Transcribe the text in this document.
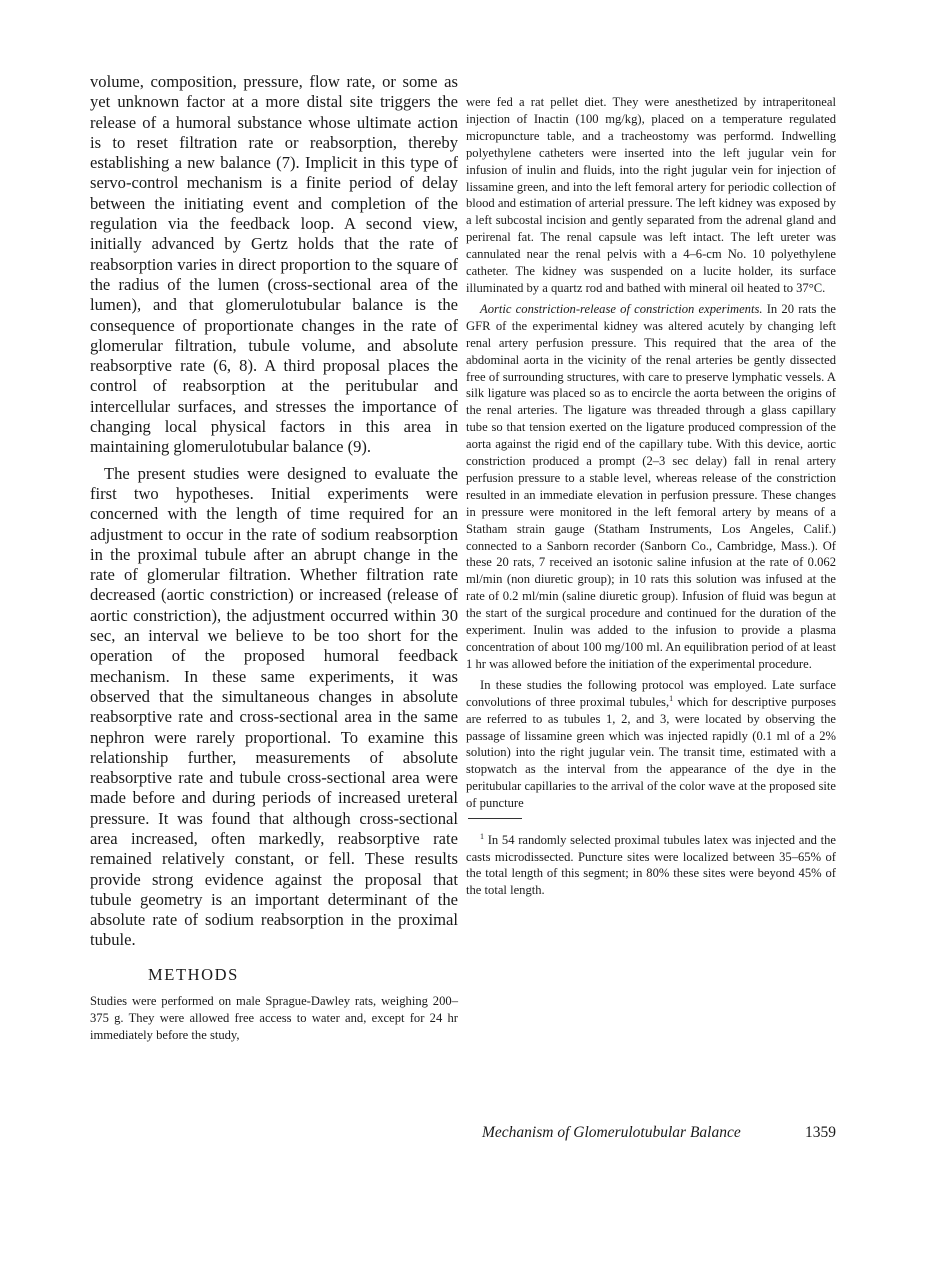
volume, composition, pressure, flow rate, or some as yet unknown factor at a more distal site triggers the release of a humoral substance whose ultimate action is to reset filtration rate or reabsorption, thereby establishing a new balance (7). Implicit in this type of servo-control mechanism is a finite period of delay between the initiating event and completion of the regulation via the feedback loop. A second view, initially advanced by Gertz holds that the rate of reabsorption varies in direct proportion to the square of the radius of the lumen (cross-sectional area of the lumen), and that glomerulotubular balance is the consequence of proportionate changes in the rate of glomerular filtration, tubule volume, and absolute reabsorptive rate (6, 8). A third proposal places the control of reabsorption at the peritubular and intercellular surfaces, and stresses the importance of changing local physical factors in this area in maintaining glomerulotubular balance (9).

The present studies were designed to evaluate the first two hypotheses. Initial experiments were concerned with the length of time required for an adjustment to occur in the rate of sodium reabsorption in the proximal tubule after an abrupt change in the rate of glomerular filtration. Whether filtration rate decreased (aortic constriction) or increased (release of aortic constriction), the adjustment occurred within 30 sec, an interval we believe to be too short for the operation of the proposed humoral feedback mechanism. In these same experiments, it was observed that the simultaneous changes in absolute reabsorptive rate and cross-sectional area in the same nephron were rarely proportional. To examine this relationship further, measurements of absolute reabsorptive rate and tubule cross-sectional area were made before and during periods of increased ureteral pressure. It was found that although cross-sectional area increased, often markedly, reabsorptive rate remained relatively constant, or fell. These results provide strong evidence against the proposal that tubule geometry is an important determinant of the absolute rate of sodium reabsorption in the proximal tubule.

METHODS

Studies were performed on male Sprague-Dawley rats, weighing 200–375 g. They were allowed free access to water and, except for 24 hr immediately before the study,

were fed a rat pellet diet. They were anesthetized by intraperitoneal injection of Inactin (100 mg/kg), placed on a temperature regulated micropuncture table, and a tracheostomy was performd. Indwelling polyethylene catheters were inserted into the left jugular vein for infusion of inulin and fluids, into the right jugular vein for injection of lissamine green, and into the left femoral artery for periodic collection of blood and estimation of arterial pressure. The left kidney was exposed by a left subcostal incision and gently separated from the adrenal gland and perirenal fat. The renal capsule was left intact. The left ureter was cannulated near the renal pelvis with a 4–6-cm No. 10 polyethylene catheter. The kidney was suspended on a lucite holder, its surface illuminated by a quartz rod and bathed with mineral oil heated to 37°C.

Aortic constriction-release of constriction experiments. In 20 rats the GFR of the experimental kidney was altered acutely by changing left renal artery perfusion pressure. This required that the area of the abdominal aorta in the vicinity of the renal arteries be gently dissected free of surrounding structures, with care to preserve lymphatic vessels. A silk ligature was placed so as to encircle the aorta between the origins of the renal arteries. The ligature was threaded through a glass capillary tube so that tension exerted on the ligature produced compression of the aorta against the rigid end of the capillary tube. With this device, aortic constriction produced a prompt (2–3 sec delay) fall in renal artery perfusion pressure to a stable level, whereas release of the constriction resulted in an immediate elevation in perfusion pressure. These changes in pressure were monitored in the left femoral artery by means of a Statham strain gauge (Statham Instruments, Los Angeles, Calif.) connected to a Sanborn recorder (Sanborn Co., Cambridge, Mass.). Of these 20 rats, 7 received an isotonic saline infusion at the rate of 0.062 ml/min (non diuretic group); in 10 rats this solution was infused at the rate of 0.2 ml/min (saline diuretic group). Infusion of fluid was begun at the start of the surgical procedure and continued for the duration of the experiment. Inulin was added to the infusion to provide a plasma concentration of about 100 mg/100 ml. An equilibration period of at least 1 hr was allowed before the initiation of the experimental procedure.

In these studies the following protocol was employed. Late surface convolutions of three proximal tubules,$^1$ which for descriptive purposes are referred to as tubules 1, 2, and 3, were located by observing the passage of lissamine green which was injected rapidly (0.1 ml of a 2% solution) into the right jugular vein. The transit time, estimated with a stopwatch as the interval from the appearance of the dye in the peritubular capillaries to the arrival of the color wave at the proposed site of puncture

$^1$ In 54 randomly selected proximal tubules latex was injected and the casts microdissected. Puncture sites were localized between 35–65% of the total length of this segment; in 80% these sites were beyond 45% of the total length.

Mechanism of Glomerulotubular Balance	1359
